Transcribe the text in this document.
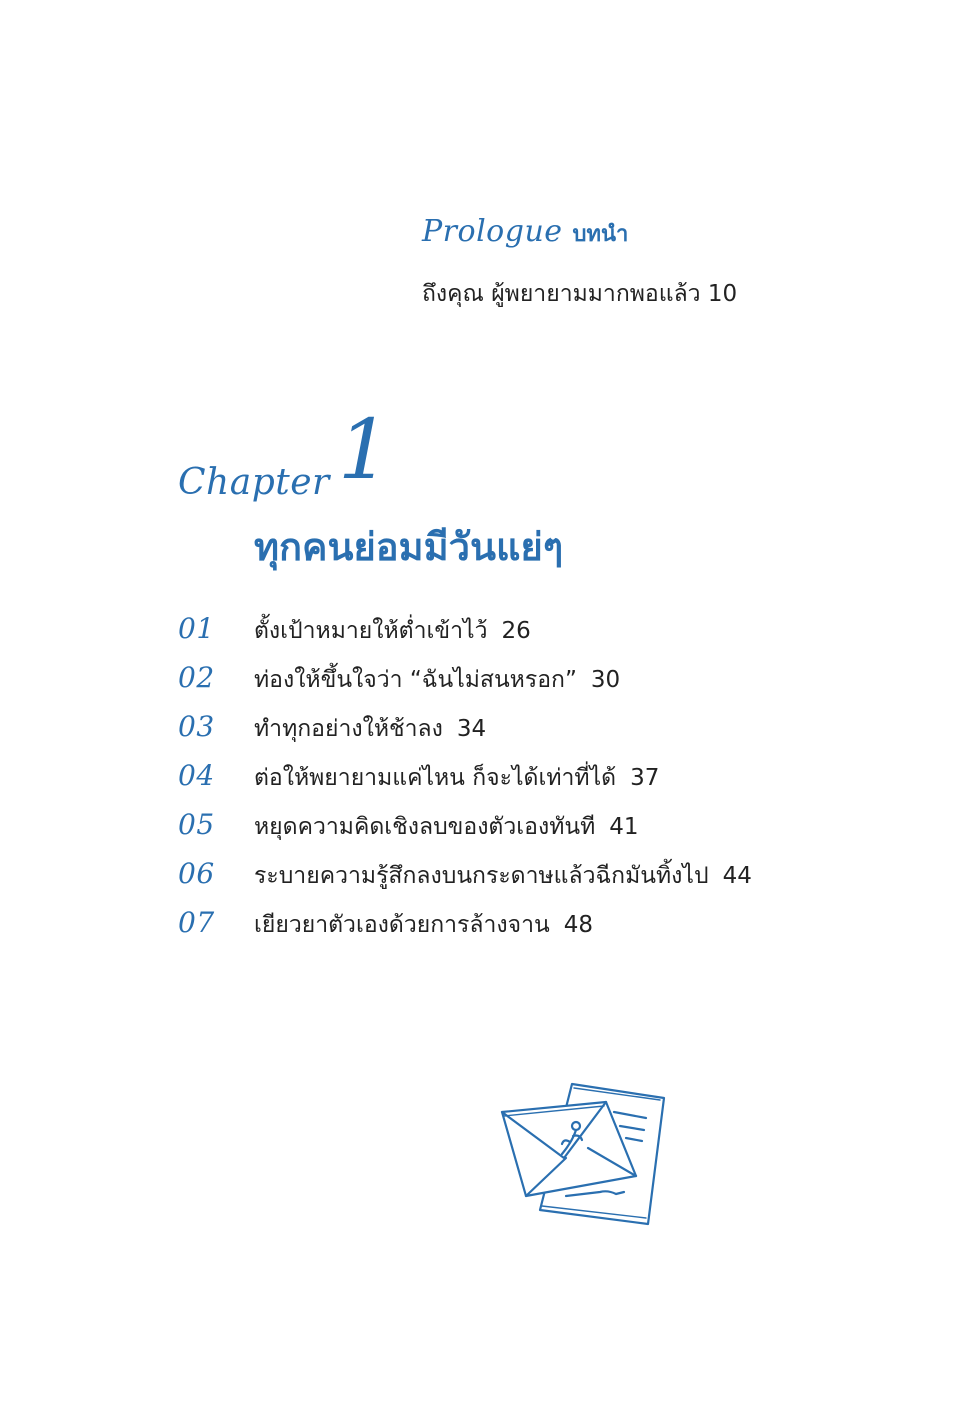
Prologue บทนำ
ถึงคุณ ผู้พยายามมากพอแล้ว 10
Chapter 1
ทุกคนย่อมมีวันแย่ๆ
01	ตั้งเป้าหมายให้ต่ำเข้าไว้ 26
02	ท่องให้ขึ้นใจว่า “ฉันไม่สนหรอก” 30
03	ทำทุกอย่างให้ช้าลง 34
04	ต่อให้พยายามแค่ไหน ก็จะได้เท่าที่ได้ 37
05	หยุดความคิดเชิงลบของตัวเองทันที 41
06	ระบายความรู้สึกลงบนกระดาษแล้วฉีกมันทิ้งไป 44
07	เยียวยาตัวเองด้วยการล้างจาน 48
